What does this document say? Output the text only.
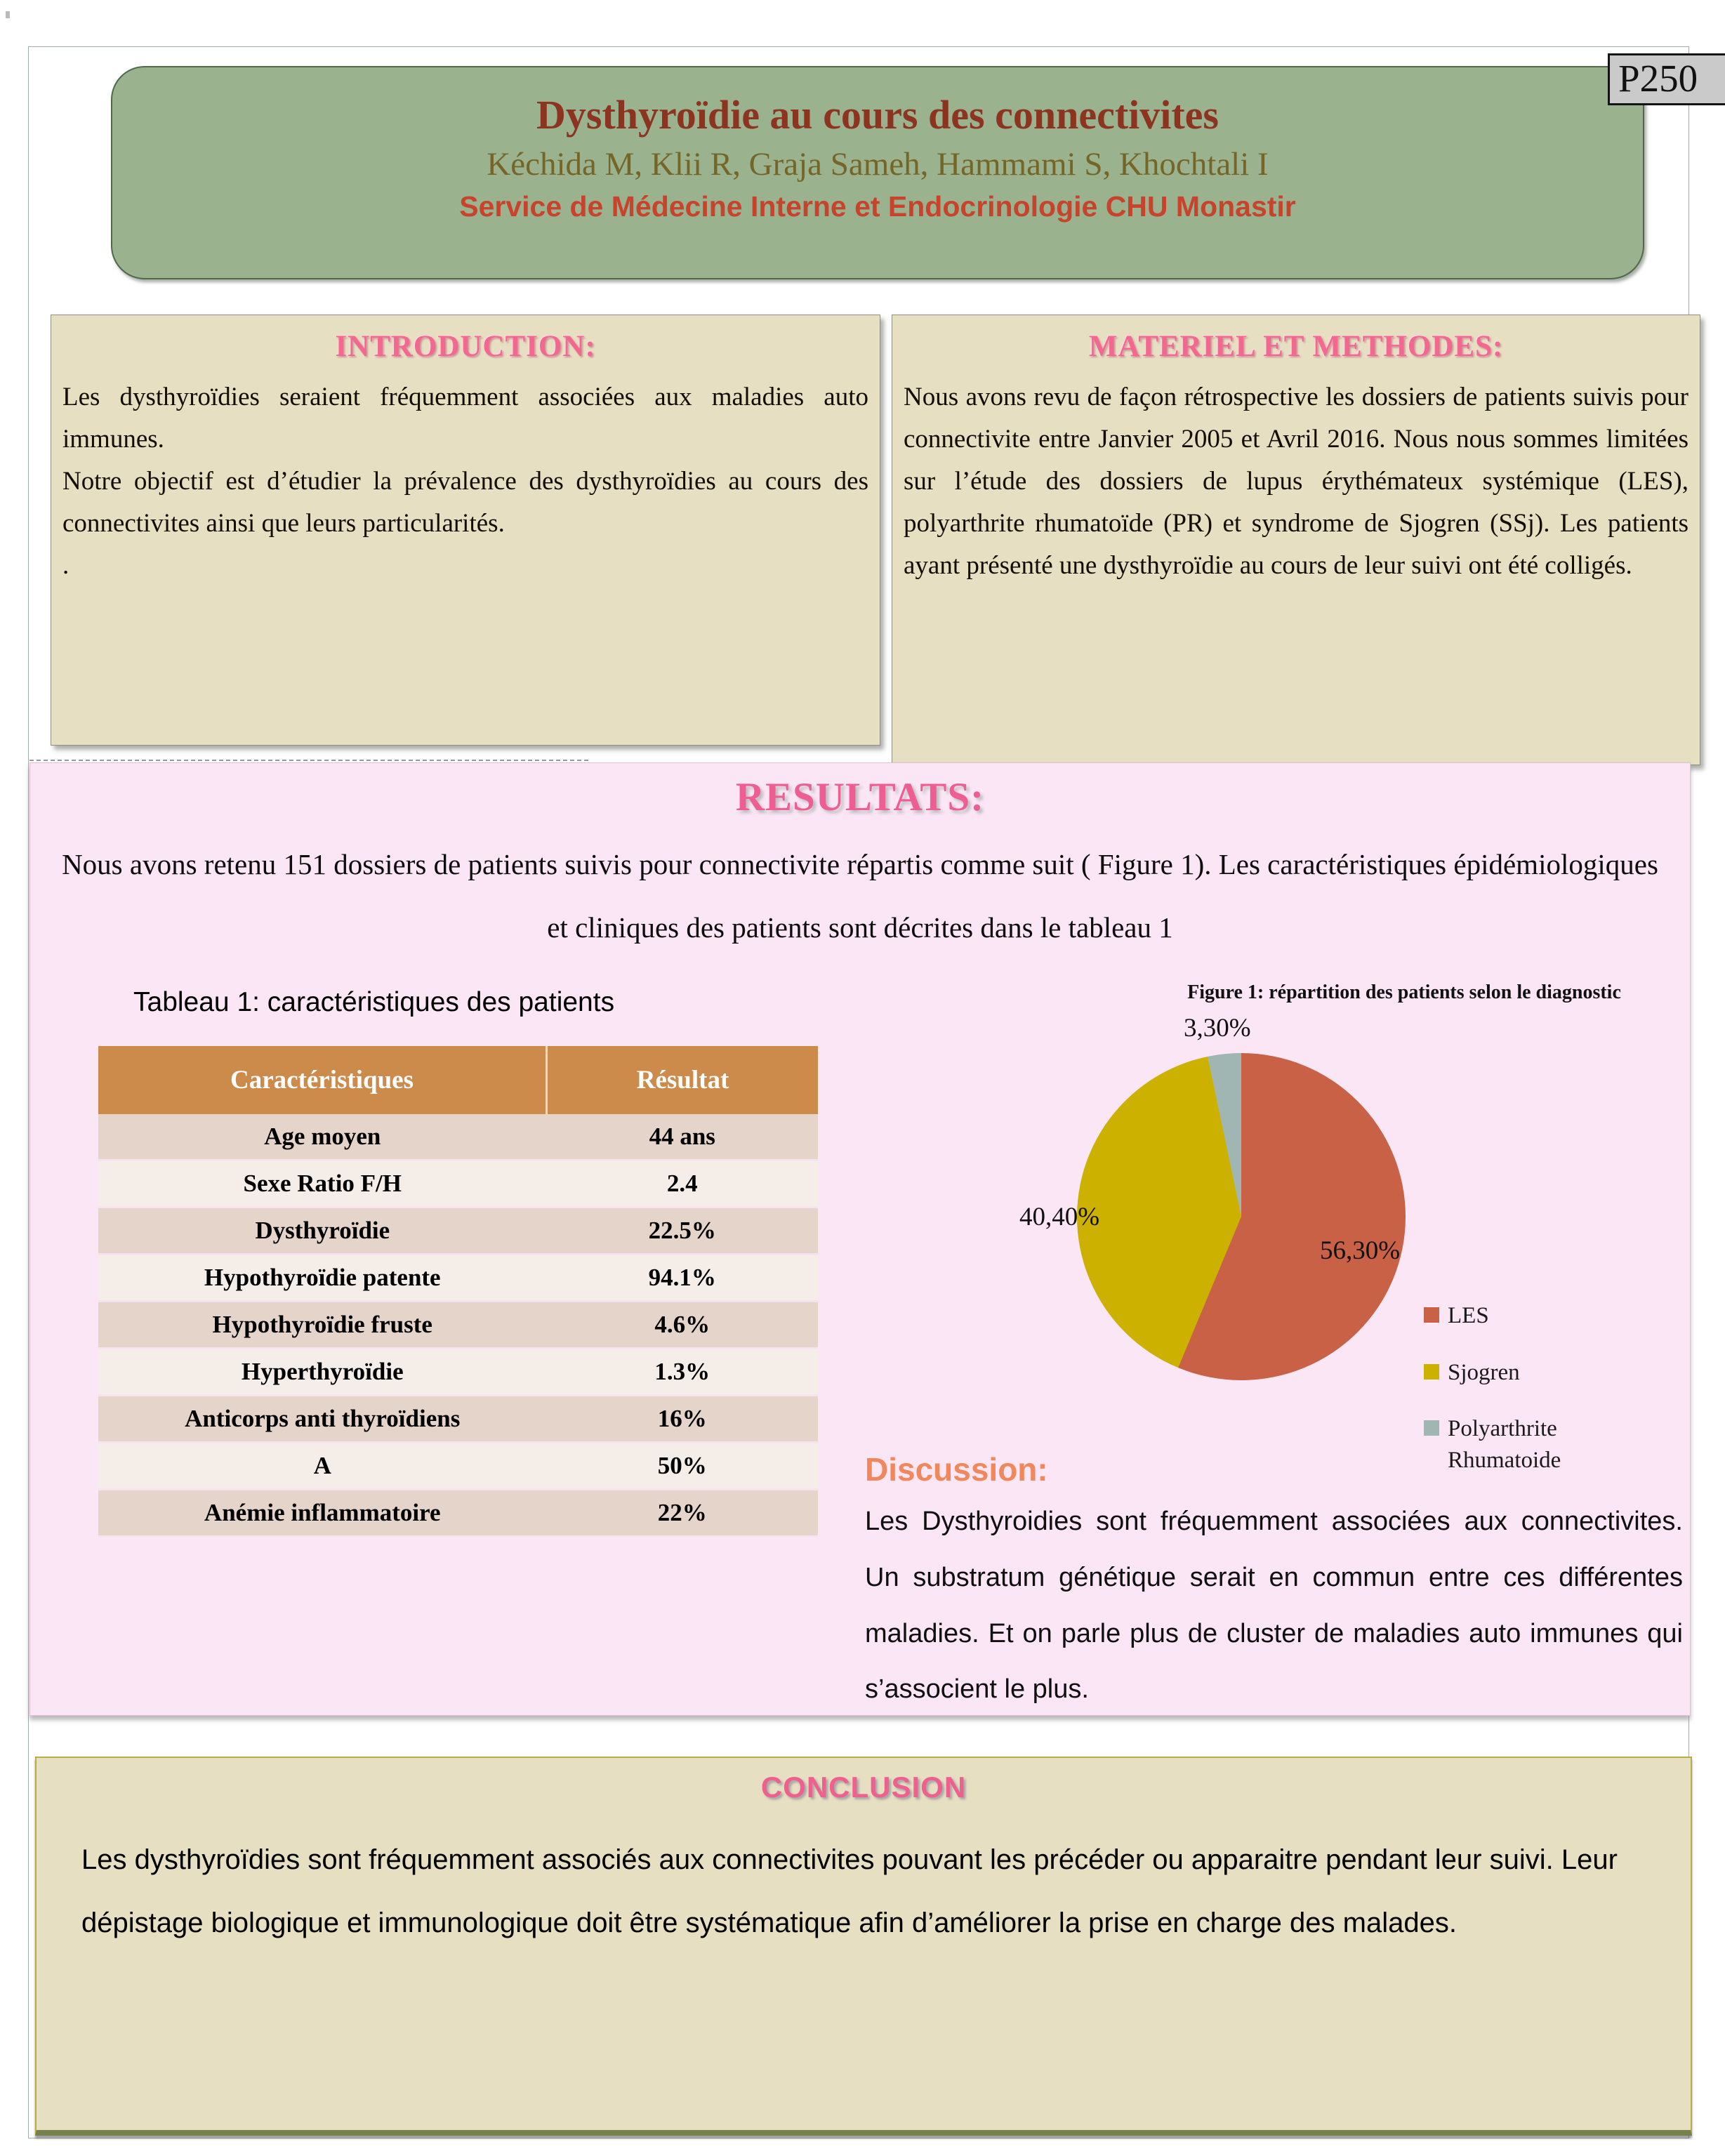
Dysthyroïdie au cours des connectivites
Kéchida M, Klii R, Graja Sameh, Hammami S, Khochtali I
Service de Médecine Interne et Endocrinologie CHU Monastir
P250
INTRODUCTION:

Les dysthyroïdies seraient fréquemment associées aux maladies auto immunes.

Notre objectif est d’étudier la prévalence des dysthyroïdies au cours des connectivites ainsi que leurs particularités.

.

MATERIEL ET METHODES:

Nous avons revu de façon rétrospective les dossiers de patients suivis pour connectivite entre Janvier 2005 et Avril 2016. Nous nous sommes limitées sur l’étude des dossiers de lupus érythémateux systémique (LES), polyarthrite rhumatoïde (PR) et syndrome de Sjogren (SSj). Les patients ayant présenté une dysthyroïdie au cours de leur suivi ont été colligés.

RESULTATS:
Nous avons retenu 151 dossiers de patients suivis pour connectivite répartis comme suit ( Figure 1). Les caractéristiques épidémiologiques et cliniques des patients sont décrites dans le tableau 1
Tableau 1: caractéristiques des patients
Caractéristiques	Résultat
Age moyen	44 ans
Sexe Ratio F/H	2.4
Dysthyroïdie	22.5%
Hypothyroïdie patente	94.1%
Hypothyroïdie fruste	4.6%
Hyperthyroïdie	1.3%
Anticorps anti thyroïdiens	16%
A	50%
Anémie inflammatoire	22%
Figure 1: répartition des patients selon le diagnostic
56,30%
40,40%
3,30%
LES
Sjogren
Polyarthrite Rhumatoide
Discussion:
Les Dysthyroidies sont fréquemment associées aux connectivites. Un substratum génétique serait en commun entre ces différentes maladies. Et on parle plus de cluster de maladies auto immunes qui s’associent le plus.
CONCLUSION
Les dysthyroïdies sont fréquemment associés aux connectivites pouvant les précéder ou apparaitre pendant leur suivi. Leur dépistage biologique et immunologique doit être systématique afin d’améliorer la prise en charge des malades.
